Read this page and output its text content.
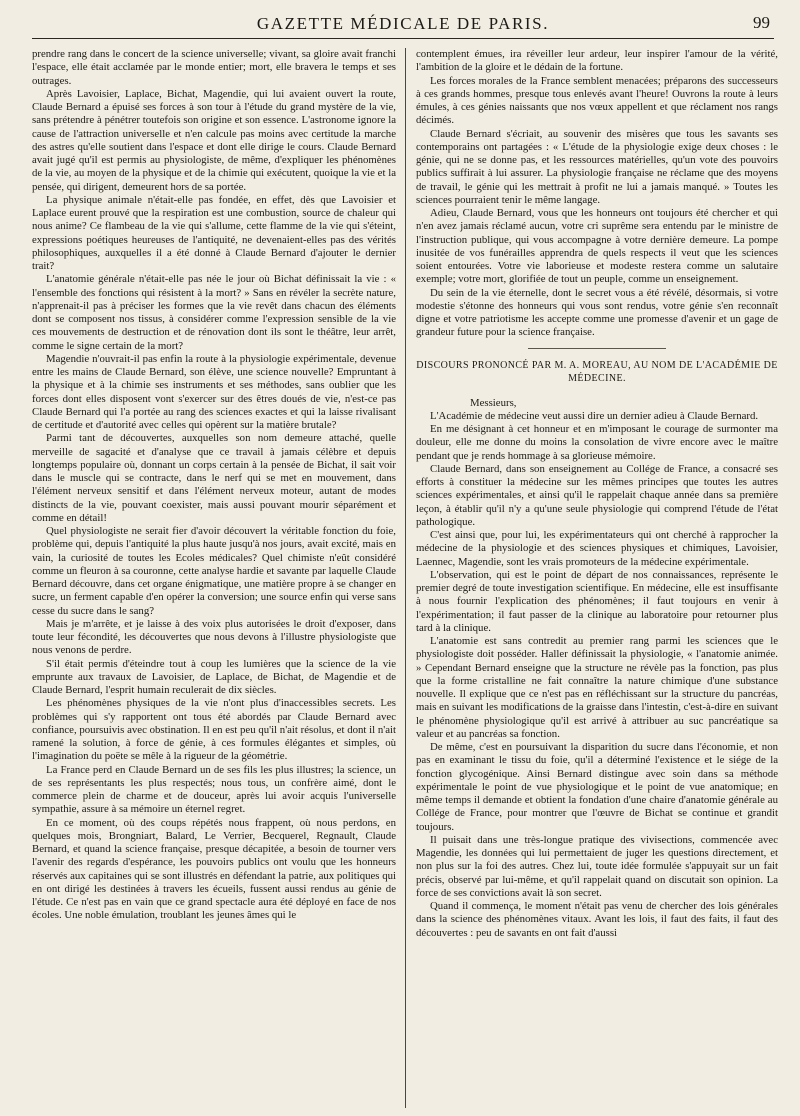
GAZETTE MÉDICALE DE PARIS.	99

prendre rang dans le concert de la science universelle; vivant, sa gloire avait franchi l'espace, elle était acclamée par le monde entier; mort, elle bravera le temps et ses outrages.

Après Lavoisier, Laplace, Bichat, Magendie, qui lui avaient ouvert la route, Claude Bernard a épuisé ses forces à son tour à l'étude du grand mystère de la vie, sans prétendre à pénétrer toutefois son origine et son essence. L'astronome ignore la cause de l'attraction universelle et n'en calcule pas moins avec certitude la marche des astres qu'elle soutient dans l'espace et dont elle dirige le cours. Claude Bernard avait jugé qu'il est permis au physiologiste, de même, d'expliquer les phénomènes de la vie, au moyen de la physique et de la chimie qui exécutent, quoique la vie et la pensée, qui dirigent, demeurent hors de sa portée.

La physique animale n'était-elle pas fondée, en effet, dès que Lavoisier et Laplace eurent prouvé que la respiration est une combustion, source de chaleur qui nous anime? Ce flambeau de la vie qui s'allume, cette flamme de la vie qui s'éteint, expressions poétiques heureuses de l'antiquité, ne devenaient-elles pas des vérités philosophiques, auxquelles il a été donné à Claude Bernard d'ajouter le dernier trait?

L'anatomie générale n'était-elle pas née le jour où Bichat définissait la vie : « l'ensemble des fonctions qui résistent à la mort? » Sans en révéler la secrète nature, n'apprenait-il pas à préciser les formes que la vie revêt dans chacun des éléments dont se composent nos tissus, à considérer comme l'expression sensible de la vie ces mouvements de destruction et de rénovation dont ils sont le théâtre, leur arrêt, comme le signe certain de la mort?

Magendie n'ouvrait-il pas enfin la route à la physiologie expérimentale, devenue entre les mains de Claude Bernard, son élève, une science nouvelle? Empruntant à la physique et à la chimie ses instruments et ses méthodes, sans oublier que les forces dont elles disposent vont s'exercer sur des êtres doués de vie, n'est-ce pas Claude Bernard qui l'a portée au rang des sciences exactes et qui la laisse rivalisant de certitude et d'autorité avec celles qui opèrent sur la matière brutale?

Parmi tant de découvertes, auxquelles son nom demeure attaché, quelle merveille de sagacité et d'analyse que ce travail à jamais célèbre et depuis longtemps populaire où, donnant un corps certain à la pensée de Bichat, il sait voir dans le muscle qui se contracte, dans le nerf qui se met en mouvement, dans l'élément nerveux sensitif et dans l'élément nerveux moteur, autant de modes distincts de la vie, pouvant coexister, mais aussi pouvant mourir séparément et comme en détail!

Quel physiologiste ne serait fier d'avoir découvert la véritable fonction du foie, problème qui, depuis l'antiquité la plus haute jusqu'à nos jours, avait excité, mais en vain, la curiosité de toutes les Ecoles médicales? Quel chimiste n'eût considéré comme un fleuron à sa couronne, cette analyse hardie et savante par laquelle Claude Bernard découvre, dans cet organe énigmatique, une matière propre à se changer en sucre, un ferment capable d'en opérer la conversion; une source enfin qui verse sans cesse du sucre dans le sang?

Mais je m'arrête, et je laisse à des voix plus autorisées le droit d'exposer, dans toute leur fécondité, les découvertes que nous devons à l'illustre physiologiste que nous venons de perdre.

S'il était permis d'éteindre tout à coup les lumières que la science de la vie emprunte aux travaux de Lavoisier, de Laplace, de Bichat, de Magendie et de Claude Bernard, l'esprit humain reculerait de dix siècles.

Les phénomènes physiques de la vie n'ont plus d'inaccessibles secrets. Les problèmes qui s'y rapportent ont tous été abordés par Claude Bernard avec confiance, poursuivis avec obstination. Il en est peu qu'il n'ait résolus, et dont il n'ait ramené la solution, à force de génie, à ces formules élégantes et simples, où l'imagination du poëte se mêle à la rigueur de la géométrie.

La France perd en Claude Bernard un de ses fils les plus illustres; la science, un de ses représentants les plus respectés; nous tous, un confrère aimé, dont le commerce plein de charme et de douceur, après lui avoir acquis l'universelle sympathie, assure à sa mémoire un éternel regret.

En ce moment, où des coups répétés nous frappent, où nous perdons, en quelques mois, Brongniart, Balard, Le Verrier, Becquerel, Regnault, Claude Bernard, et quand la science française, presque décapitée, a besoin de tourner vers l'avenir des regards d'espérance, les pouvoirs publics ont voulu que les honneurs réservés aux capitaines qui se sont illustrés en défendant la patrie, aux politiques qui en ont dirigé les destinées à travers les écueils, fussent aussi rendus au génie de l'étude. Ce n'est pas en vain que ce grand spectacle aura été déployé en face de nos écoles. Une noble émulation, troublant les jeunes âmes qui le

contemplent émues, ira réveiller leur ardeur, leur inspirer l'amour de la vérité, l'ambition de la gloire et le dédain de la fortune.

Les forces morales de la France semblent menacées; préparons des successeurs à ces grands hommes, presque tous enlevés avant l'heure! Ouvrons la route à leurs émules, à ces génies naissants que nos vœux appellent et que réclament nos rangs décimés.

Claude Bernard s'écriait, au souvenir des misères que tous les savants ses contemporains ont partagées : « L'étude de la physiologie exige deux choses : le génie, qui ne se donne pas, et les ressources matérielles, qu'un vote des pouvoirs publics suffirait à lui assurer. La physiologie française ne réclame que des moyens de travail, le génie qui les mettrait à profit ne lui a jamais manqué. » Toutes les sciences pourraient tenir le même langage.

Adieu, Claude Bernard, vous que les honneurs ont toujours été chercher et qui n'en avez jamais réclamé aucun, votre cri suprême sera entendu par le ministre de l'instruction publique, qui vous accompagne à votre dernière demeure. La pompe inusitée de vos funérailles apprendra de quels respects il veut que les sciences soient entourées. Votre vie laborieuse et modeste restera comme un salutaire exemple; votre mort, glorifiée de tout un peuple, comme un enseignement.

Du sein de la vie éternelle, dont le secret vous a été révélé, désormais, si votre modestie s'étonne des honneurs qui vous sont rendus, votre génie s'en reconnaît digne et votre patriotisme les accepte comme une promesse d'avenir et un gage de grandeur future pour la science française.

DISCOURS PRONONCÉ PAR M. A. MOREAU, AU NOM DE L'ACADÉMIE DE MÉDECINE.

Messieurs,

L'Académie de médecine veut aussi dire un dernier adieu à Claude Bernard.

En me désignant à cet honneur et en m'imposant le courage de surmonter ma douleur, elle me donne du moins la consolation de vivre encore avec le maître pendant que je rends hommage à sa glorieuse mémoire.

Claude Bernard, dans son enseignement au Collége de France, a consacré ses efforts à constituer la médecine sur les mêmes principes que toutes les autres sciences expérimentales, et ainsi qu'il le rappelait chaque année dans sa première leçon, à établir qu'il n'y a qu'une seule physiologie qui comprend l'étude de l'état pathologique.

C'est ainsi que, pour lui, les expérimentateurs qui ont cherché à rapprocher la médecine de la physiologie et des sciences physiques et chimiques, Lavoisier, Laennec, Magendie, sont les vrais promoteurs de la médecine expérimentale.

L'observation, qui est le point de départ de nos connaissances, représente le premier degré de toute investigation scientifique. En médecine, elle est insuffisante à nous fournir l'explication des phénomènes; il faut toujours en venir à l'expérimentation; il faut passer de la clinique au laboratoire pour retourner plus tard à la clinique.

L'anatomie est sans contredit au premier rang parmi les sciences que le physiologiste doit posséder. Haller définissait la physiologie, « l'anatomie animée. » Cependant Bernard enseigne que la structure ne révèle pas la fonction, pas plus que la forme cristalline ne fait connaître la nature chimique d'une substance nouvelle. Il explique que ce n'est pas en réfléchissant sur la structure du pancréas, mais en suivant les modifications de la graisse dans l'intestin, c'est-à-dire en suivant le phénomène physiologique qu'il est arrivé à attribuer au suc pancréatique sa valeur et au pancréas sa fonction.

De même, c'est en poursuivant la disparition du sucre dans l'économie, et non pas en examinant le tissu du foie, qu'il a déterminé l'existence et le siége de la fonction glycogénique. Ainsi Bernard distingue avec soin dans sa méthode expérimentale le point de vue physiologique et le point de vue anatomique; en même temps il demande et obtient la fondation d'une chaire d'anatomie générale au Collége de France, pour montrer que l'œuvre de Bichat se continue et grandit toujours.

Il puisait dans une très-longue pratique des vivisections, commencée avec Magendie, les données qui lui permettaient de juger les questions directement, et non plus sur la foi des autres. Chez lui, toute idée formulée s'appuyait sur un fait précis, observé par lui-même, et qu'il rappelait quand on discutait son opinion. La force de ses convictions avait là son secret.

Quand il commença, le moment n'était pas venu de chercher des lois générales dans la science des phénomènes vitaux. Avant les lois, il faut des faits, il faut des découvertes : peu de savants en ont fait d'aussi
